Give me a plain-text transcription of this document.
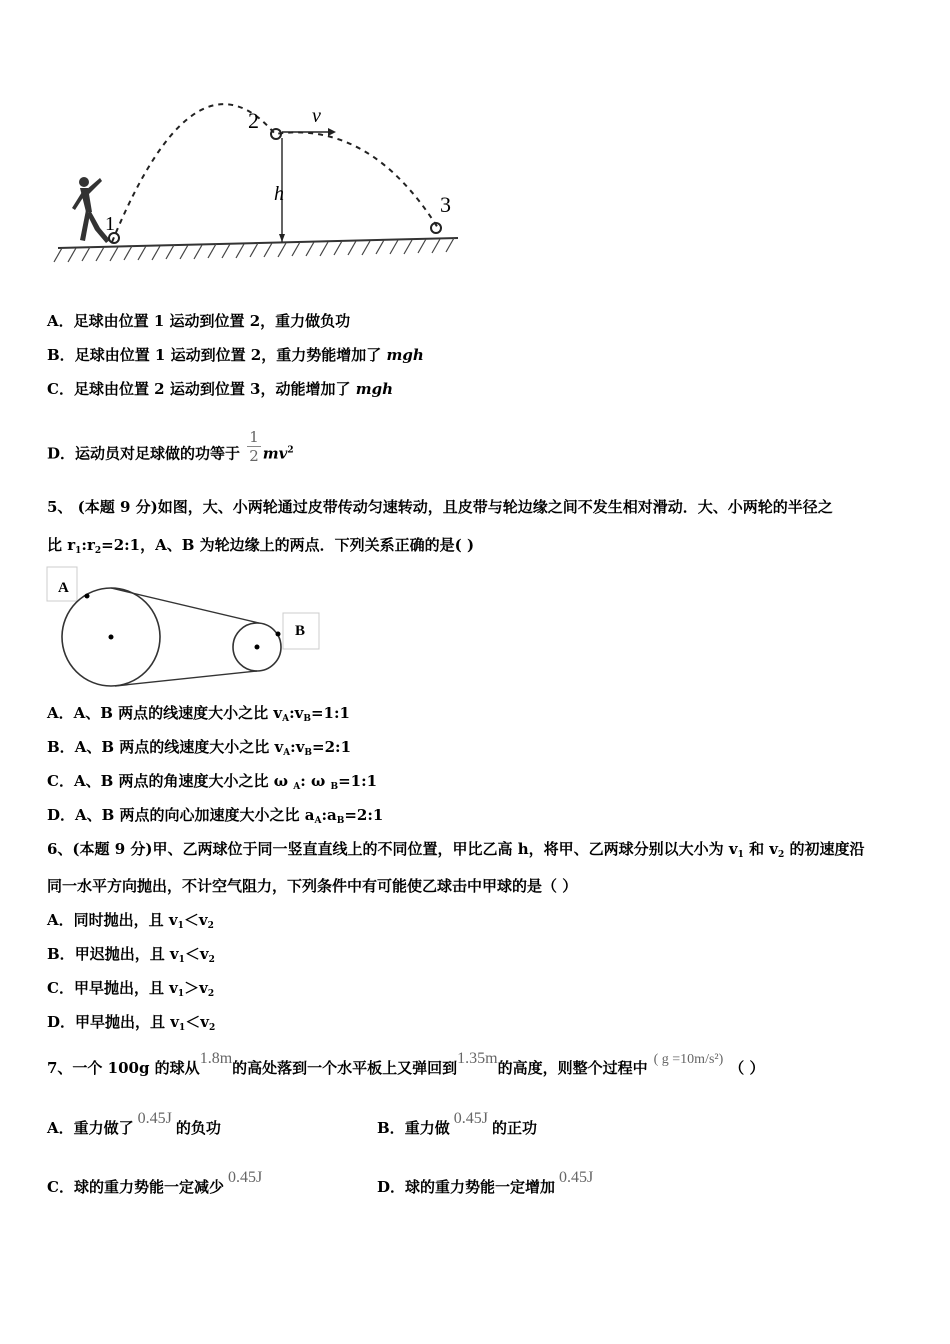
1
2
3
v
h
A．足球由位置 1 运动到位置 2，重力做负功
B．足球由位置 1 运动到位置 2，重力势能增加了 mgh
C．足球由位置 2 运动到位置 3，动能增加了 mgh
D．运动员对足球做的功等于 $\frac{1}{2} mv^2$
5、 (本题 9 分)如图，大、小两轮通过皮带传动匀速转动，且皮带与轮边缘之间不发生相对滑动．大、小两轮的半径之
比 $r_1:r_2=2:1$，A、B 为轮边缘上的两点．下列关系正确的是( )
A
B
A．A、B 两点的线速度大小之比 $v_A:v_B=1:1$
B．A、B 两点的线速度大小之比 $v_A:v_B=2:1$
C．A、B 两点的角速度大小之比 ω $_A$: ω $_B$=1:1
D．A、B 两点的向心加速度大小之比 $a_A:a_B=2:1$
6、(本题 9 分)甲、乙两球位于同一竖直直线上的不同位置，甲比乙高 h，将甲、乙两球分别以大小为 $v_1$ 和 $v_2$ 的初速度沿
同一水平方向抛出，不计空气阻力，下列条件中有可能使乙球击中甲球的是（ ）
A．同时抛出，且 $v_1<v_2$
B．甲迟抛出，且 $v_1<v_2$
C．甲早抛出，且 $v_1>v_2$
D．甲早抛出，且 $v_1<v_2$
7、一个 100g 的球从1.8m的高处落到一个水平板上又弹回到1.35m的高度，则整个过程中 ( g =10m/s²) （ ）
A．重力做了0.45J的负功	B．重力做0.45J的正功
C．球的重力势能一定减少0.45J
D．球的重力势能一定增加0.45J
